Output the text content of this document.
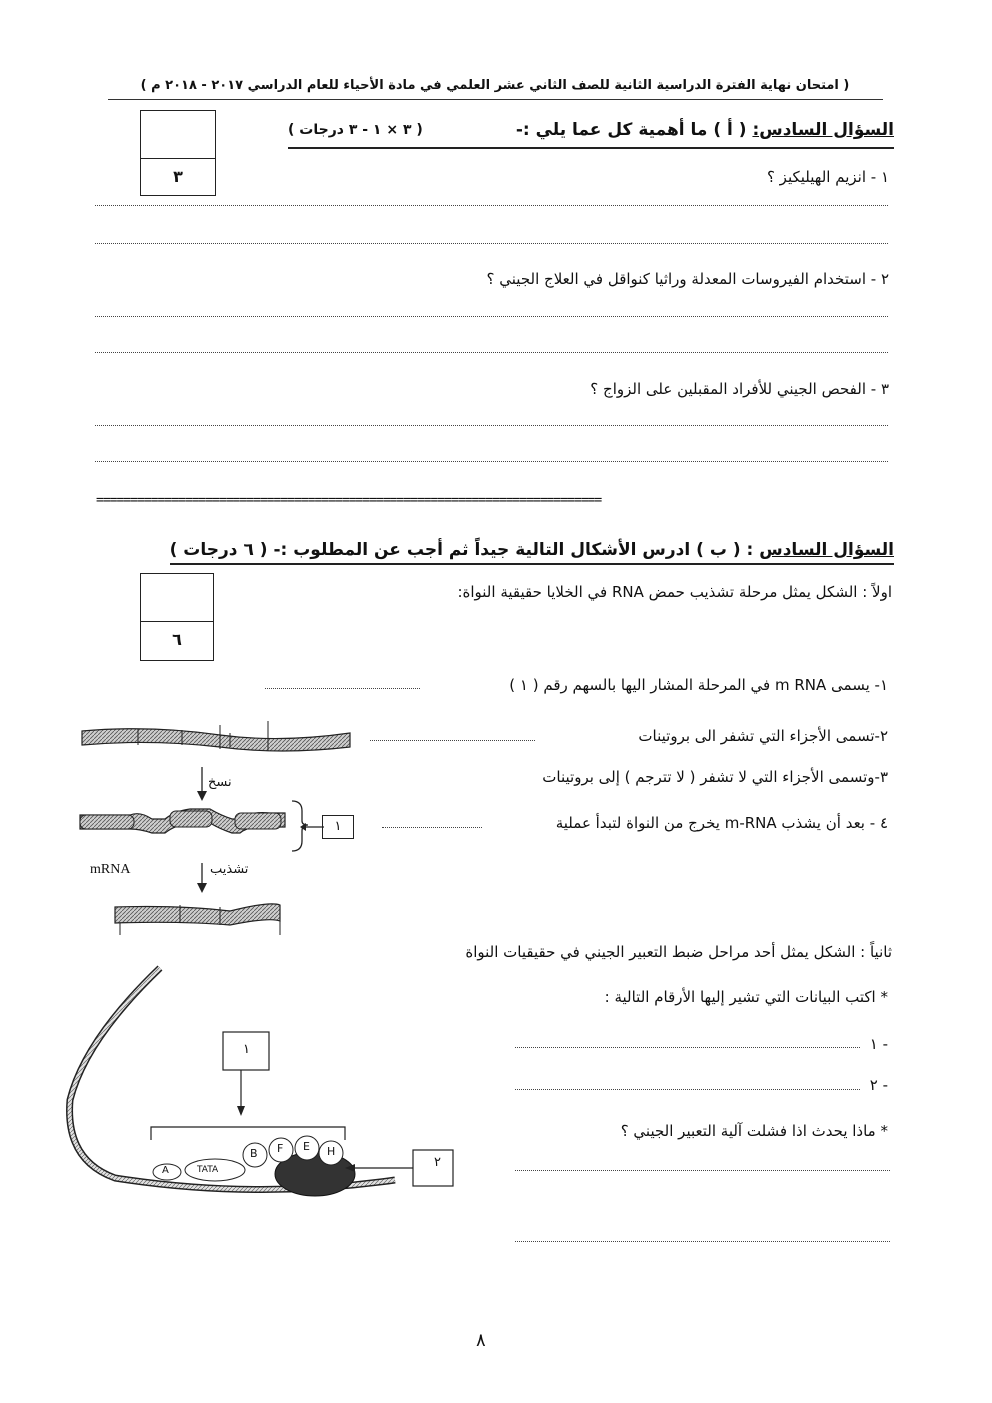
( امتحان نهاية الفترة الدراسية الثانية للصف الثاني عشر العلمي في مادة الأحياء للعام الدراسي ٢٠١٧ - ٢٠١٨ م )
السؤال السادس: ( أ ) ما أهمية كل عما يلي :-
( ٣ × ١ - ٣ درجات )
٣	١ - انزيم الهيليكيز ؟
٢ - استخدام الفيروسات المعدلة وراثيا كنواقل في العلاج الجيني ؟
٣ - الفحص الجيني للأفراد المقبلين على الزواج ؟
==========================================================================
السؤال السادس : ( ب ) ادرس الأشكال التالية جيداً ثم أجب عن المطلوب :- ( ٦ درجات )
٦
اولاً : الشكل يمثل مرحلة تشذيب حمض RNA في الخلايا حقيقية النواة:
١- يسمى m RNA في المرحلة المشار اليها بالسهم رقم ( ١ )
٢-تسمى الأجزاء التي تشفر الى بروتينات
٣-وتسمى الأجزاء التي لا تشفر ( لا تترجم ) إلى بروتينات
٤ - بعد أن يشذب m-RNA يخرج من النواة لتبدأ عملية
نسخ
تشذيب
mRNA
١
ثانياً : الشكل يمثل أحد مراحل ضبط التعبير الجيني في حقيقيات النواة
* اكتب البيانات التي تشير إليها الأرقام التالية :
- ١
- ٢
* ماذا يحدث اذا فشلت آلية التعبير الجيني ؟
١
٢
B F E H
A	TATA
٨
